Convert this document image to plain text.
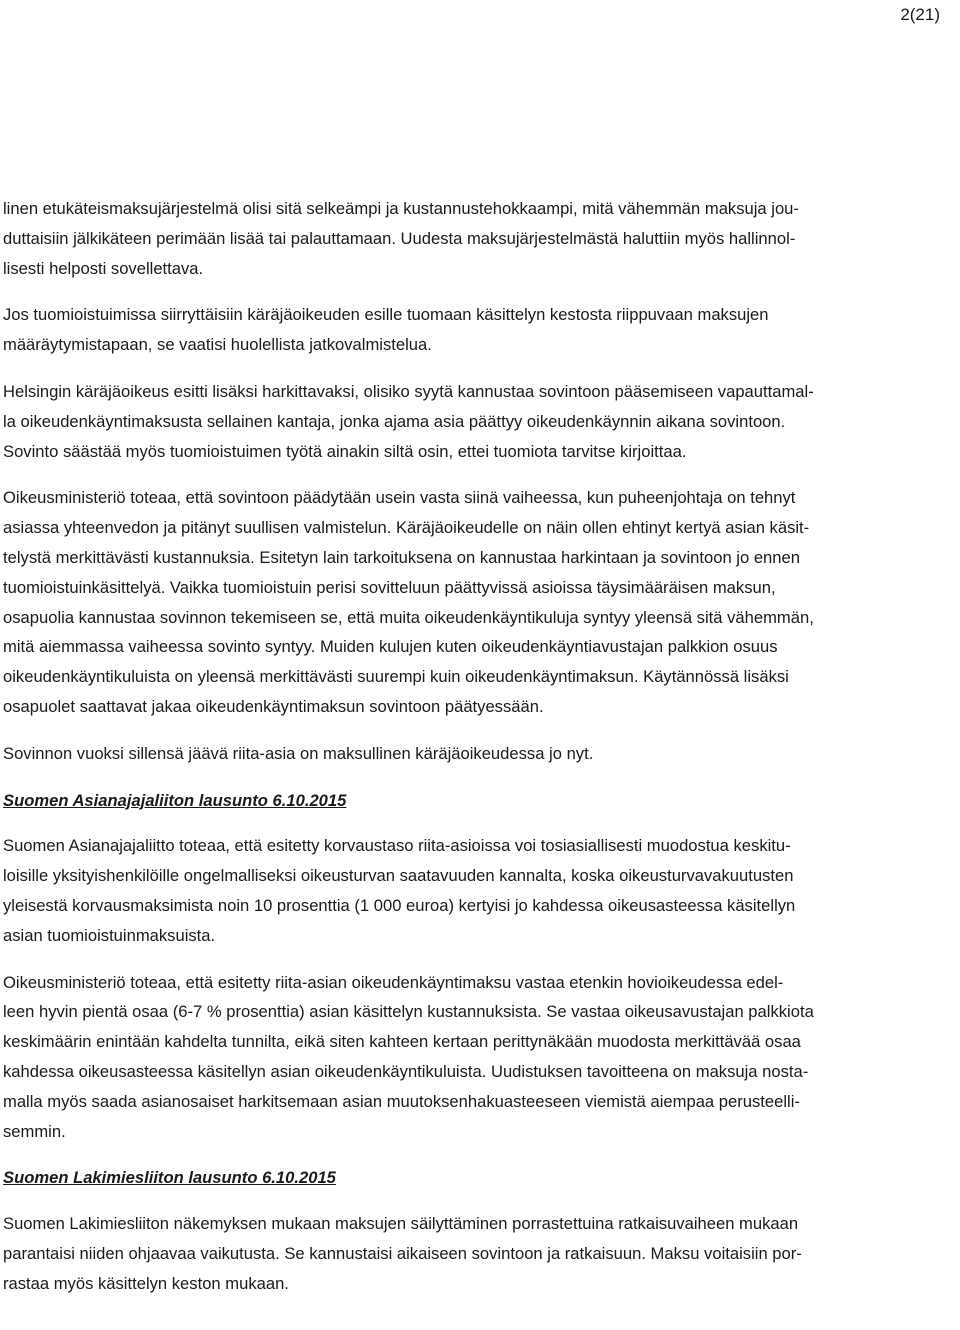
2(21)
linen etukäteismaksujärjestelmä olisi sitä selkeämpi ja kustannustehokkaampi, mitä vähemmän maksuja jou-
duttaisiin jälkikäteen perimään lisää tai palauttamaan. Uudesta maksujärjestelmästä haluttiin myös hallinnol-
lisesti helposti sovellettava.
Jos tuomioistuimissa siirryttäisiin käräjäoikeuden esille tuomaan käsittelyn kestosta riippuvaan maksujen
määräytymistapaan, se vaatisi huolellista jatkovalmistelua.
Helsingin käräjäoikeus esitti lisäksi harkittavaksi, olisiko syytä kannustaa sovintoon pääsemiseen vapauttamal-
la oikeudenkäyntimaksusta sellainen kantaja, jonka ajama asia päättyy oikeudenkäynnin aikana sovintoon.
Sovinto säästää myös tuomioistuimen työtä ainakin siltä osin, ettei tuomiota tarvitse kirjoittaa.
Oikeusministeriö toteaa, että sovintoon päädytään usein vasta siinä vaiheessa, kun puheenjohtaja on tehnyt
asiassa yhteenvedon ja pitänyt suullisen valmistelun. Käräjäoikeudelle on näin ollen ehtinyt kertyä asian käsit-
telystä merkittävästi kustannuksia. Esitetyn lain tarkoituksena on kannustaa harkintaan ja sovintoon jo ennen
tuomioistuinkäsittelyä. Vaikka tuomioistuin perisi sovitteluun päättyvissä asioissa täysimääräisen maksun,
osapuolia kannustaa sovinnon tekemiseen se, että muita oikeudenkäyntikuluja syntyy yleensä sitä vähemmän,
mitä aiemmassa vaiheessa sovinto syntyy. Muiden kulujen kuten oikeudenkäyntiavustajan palkkion osuus
oikeudenkäyntikuluista on yleensä merkittävästi suurempi kuin oikeudenkäyntimaksun. Käytännössä lisäksi
osapuolet saattavat jakaa oikeudenkäyntimaksun sovintoon päätyessään.
Sovinnon vuoksi sillensä jäävä riita-asia on maksullinen käräjäoikeudessa jo nyt.
Suomen Asianajajaliiton lausunto 6.10.2015
Suomen Asianajajaliitto toteaa, että esitetty korvaustaso riita-asioissa voi tosiasiallisesti muodostua keskitu-
loisille yksityishenkilöille ongelmalliseksi oikeusturvan saatavuuden kannalta, koska oikeusturvavakuutusten
yleisestä korvausmaksimista noin 10 prosenttia (1 000 euroa) kertyisi jo kahdessa oikeusasteessa käsitellyn
asian tuomioistuinmaksuista.
Oikeusministeriö toteaa, että esitetty riita-asian oikeudenkäyntimaksu vastaa etenkin hovioikeudessa edel-
leen hyvin pientä osaa (6-7 % prosenttia) asian käsittelyn kustannuksista. Se vastaa oikeusavustajan palkkiota
keskimäärin enintään kahdelta tunnilta, eikä siten kahteen kertaan perittynäkään muodosta merkittävää osaa
kahdessa oikeusasteessa käsitellyn asian oikeudenkäyntikuluista. Uudistuksen tavoitteena on maksuja nosta-
malla myös saada asianosaiset harkitsemaan asian muutoksenhakuasteeseen viemistä aiempaa perusteelli-
semmin.
Suomen Lakimiesliiton lausunto 6.10.2015
Suomen Lakimiesliiton näkemyksen mukaan maksujen säilyttäminen porrastettuina ratkaisuvaiheen mukaan
parantaisi niiden ohjaavaa vaikutusta. Se kannustaisi aikaiseen sovintoon ja ratkaisuun. Maksu voitaisiin por-
rastaa myös käsittelyn keston mukaan.
